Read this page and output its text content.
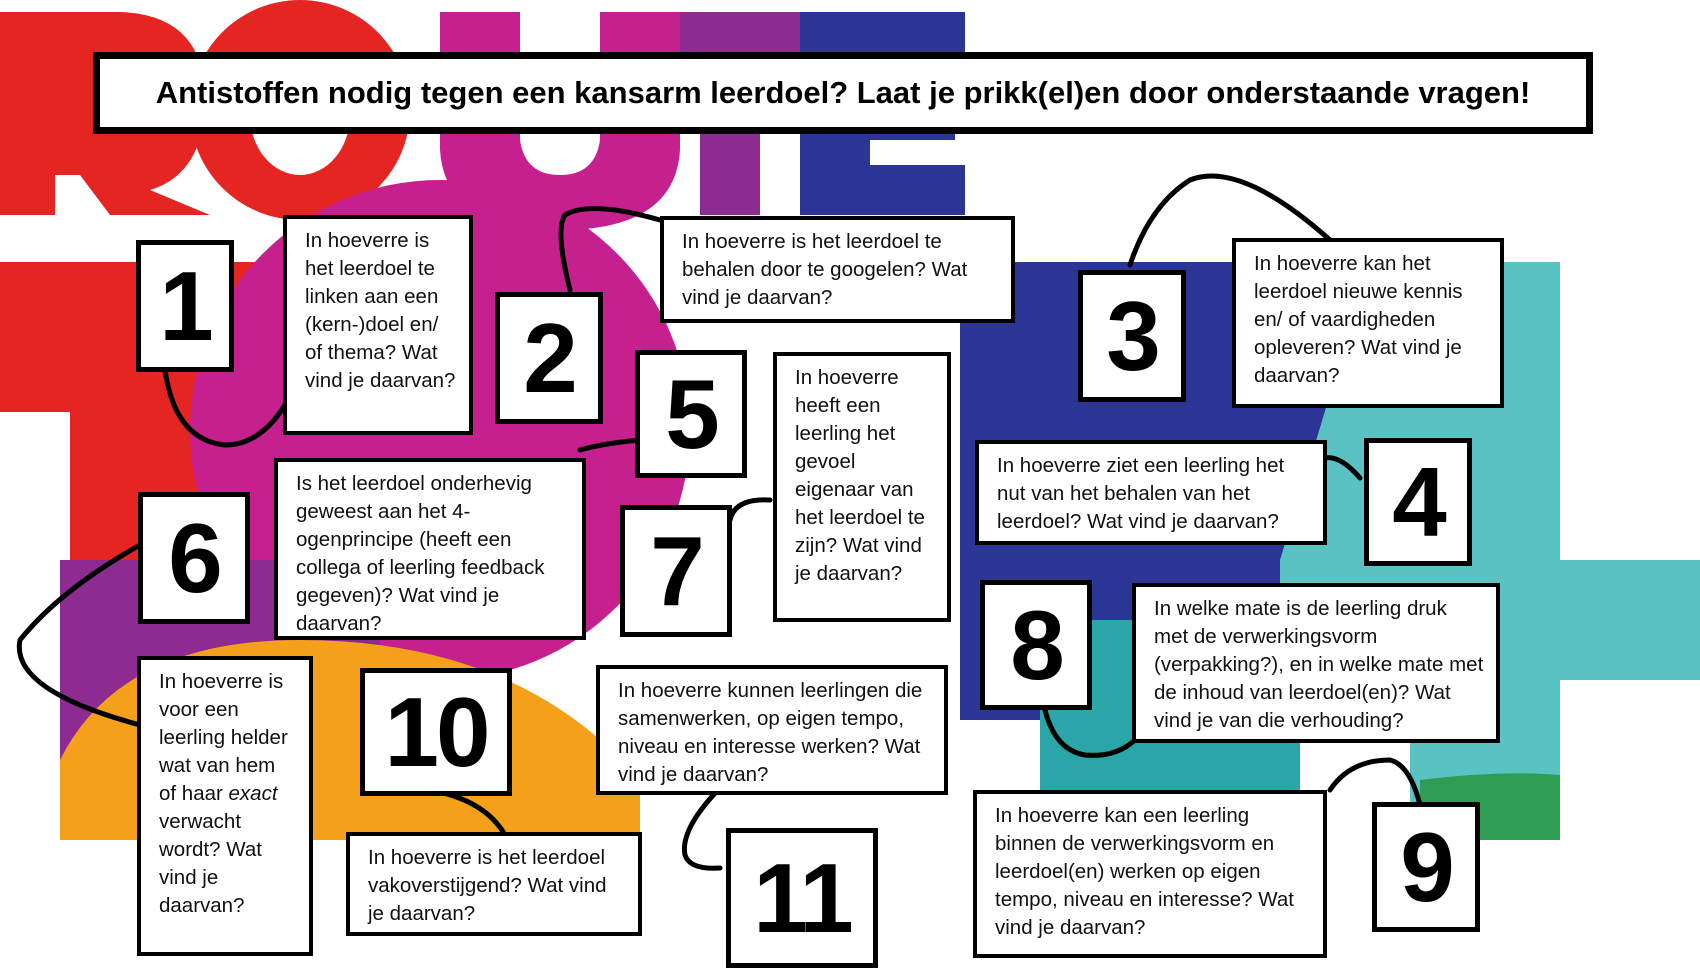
Antistoffen nodig tegen een kansarm leerdoel? Laat je prikk(el)en door onderstaande vragen!
1	2	3
4
5
6	7
8
9
10
11
In hoeverre is het leerdoel te linken aan een (kern-)doel en/ of thema? Wat vind je daarvan?
In hoeverre is het leerdoel te behalen door te googelen? Wat vind je daarvan?
In hoeverre kan het leerdoel nieuwe kennis en/ of vaardigheden opleveren? Wat vind je daarvan?
In hoeverre ziet een leerling het nut van het behalen van het leerdoel? Wat vind je daarvan?
Is het leerdoel onderhevig geweest aan het 4-ogenprincipe (heeft een collega of leerling feedback gegeven)? Wat vind je daarvan?
In hoeverre is voor een leerling helder wat van hem of haar exact verwacht wordt? Wat vind je daarvan?
In hoeverre heeft een leerling het gevoel eigenaar van het leerdoel te zijn? Wat vind je daarvan?
In welke mate is de leerling druk met de verwerkingsvorm (verpakking?), en in welke mate met de inhoud van leerdoel(en)? Wat vind je van die verhouding?
In hoeverre kan een leerling binnen de verwerkingsvorm en leerdoel(en) werken op eigen tempo, niveau en interesse? Wat vind je daarvan?
In hoeverre is het leerdoel vakoverstijgend? Wat vind je daarvan?
In hoeverre kunnen leerlingen die samenwerken, op eigen tempo, niveau en interesse werken? Wat vind je daarvan?
